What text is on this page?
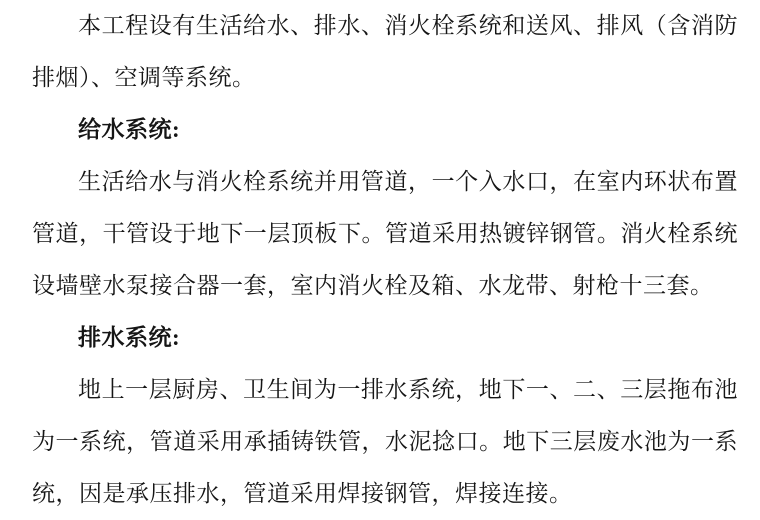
本工程设有生活给水、排水、消火栓系统和送风、排风（含消防排烟）、空调等系统。

给水系统:

生活给水与消火栓系统并用管道，一个入水口，在室内环状布置管道，干管设于地下一层顶板下。管道采用热镀锌钢管。消火栓系统设墙壁水泵接合器一套，室内消火栓及箱、水龙带、射枪十三套。

排水系统:

地上一层厨房、卫生间为一排水系统，地下一、二、三层拖布池为一系统，管道采用承插铸铁管，水泥捻口。地下三层废水池为一系统，因是承压排水，管道采用焊接钢管，焊接连接。
